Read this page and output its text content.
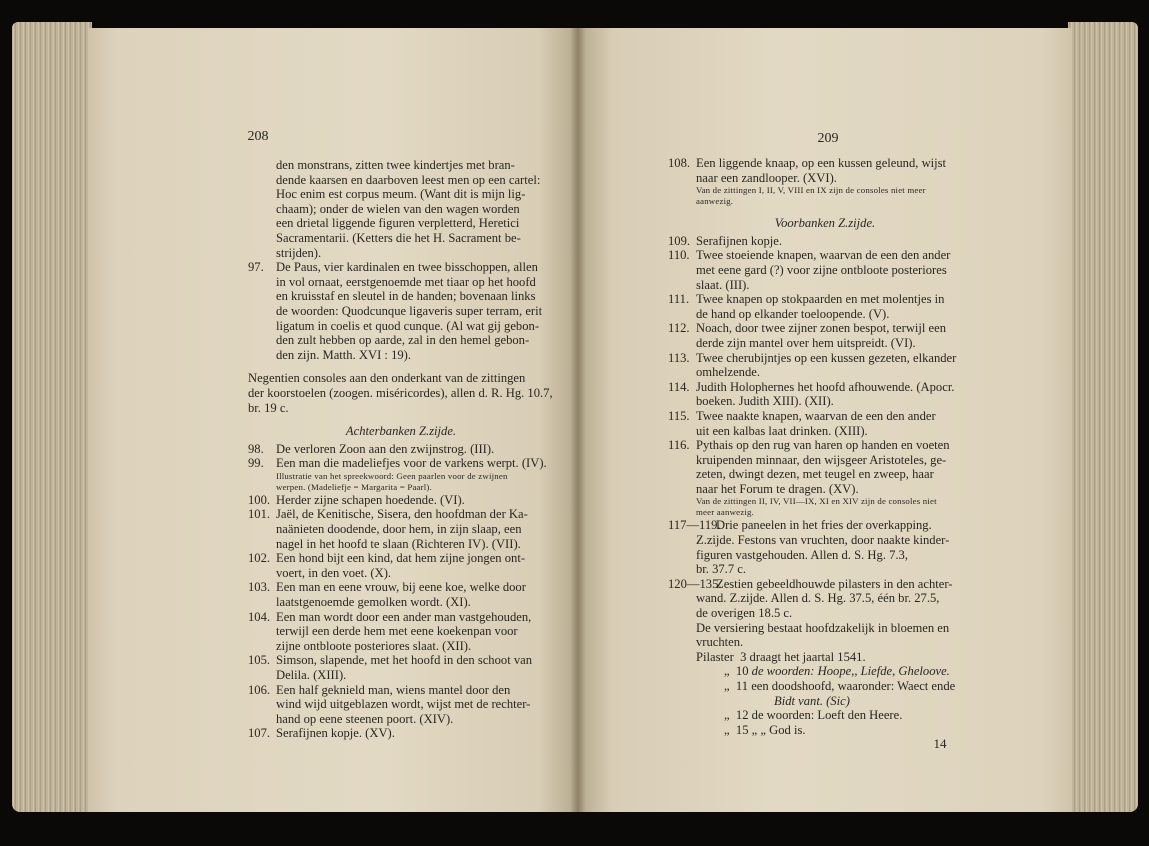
208
den monstrans, zitten twee kindertjes met bran-
dende kaarsen en daarboven leest men op een cartel:
Hoc enim est corpus meum. (Want dit is mijn lig-
chaam); onder de wielen van den wagen worden
een drietal liggende figuren verpletterd, Heretici
Sacramentarii. (Ketters die het H. Sacrament be-
strijden).
97. De Paus, vier kardinalen en twee bisschoppen, allen
in vol ornaat, eerstgenoemde met tiaar op het hoofd
en kruisstaf en sleutel in de handen; bovenaan links
de woorden: Quodcunque ligaveris super terram, erit
ligatum in coelis et quod cunque. (Al wat gij gebon-
den zult hebben op aarde, zal in den hemel gebon-
den zijn. Matth. XVI : 19).
Negentien consoles aan den onderkant van de zittingen
der koorstoelen (zoogen. miséricordes), allen d. R. Hg. 10.7,
br. 19 c.
Achterbanken Z.zijde.
98. De verloren Zoon aan den zwijnstrog. (III).
99. Een man die madeliefjes voor de varkens werpt. (IV).
Illustratie van het spreekwoord: Geen paarlen voor de zwijnen
werpen. (Madeliefje = Margarita = Paarl).
100. Herder zijne schapen hoedende. (VI).
101. Jaël, de Kenitische, Sisera, den hoofdman der Ka-
naänieten doodende, door hem, in zijn slaap, een
nagel in het hoofd te slaan (Richteren IV). (VII).
102. Een hond bijt een kind, dat hem zijne jongen ont-
voert, in den voet. (X).
103. Een man en eene vrouw, bij eene koe, welke door
laatstgenoemde gemolken wordt. (XI).
104. Een man wordt door een ander man vastgehouden,
terwijl een derde hem met eene koekenpan voor
zijne ontbloote posteriores slaat. (XII).
105. Simson, slapende, met het hoofd in den schoot van
Delila. (XIII).
106. Een half geknield man, wiens mantel door den
wind wijd uitgeblazen wordt, wijst met de rechter-
hand op eene steenen poort. (XIV).
107. Serafijnen kopje. (XV).
209
108. Een liggende knaap, op een kussen geleund, wijst
naar een zandlooper. (XVI).
Van de zittingen I, II, V, VIII en IX zijn de consoles niet meer
aanwezig.
Voorbanken Z.zijde.
109. Serafijnen kopje.
110. Twee stoeiende knapen, waarvan de een den ander
met eene gard (?) voor zijne ontbloote posteriores
slaat. (III).
111. Twee knapen op stokpaarden en met molentjes in
de hand op elkander toeloopende. (V).
112. Noach, door twee zijner zonen bespot, terwijl een
derde zijn mantel over hem uitspreidt. (VI).
113. Twee cherubijntjes op een kussen gezeten, elkander
omhelzende.
114. Judith Holophernes het hoofd afhouwende. (Apocr.
boeken. Judith XIII). (XII).
115. Twee naakte knapen, waarvan de een den ander
uit een kalbas laat drinken. (XIII).
116. Pythais op den rug van haren op handen en voeten
kruipenden minnaar, den wijsgeer Aristoteles, ge-
zeten, dwingt dezen, met teugel en zweep, haar
naar het Forum te dragen. (XV).
Van de zittingen II, IV, VII—IX, XI en XIV zijn de consoles niet
meer aanwezig.
117—119.
Drie paneelen in het fries der overkapping.
Z.zijde. Festons van vruchten, door naakte kinder-
figuren vastgehouden. Allen d. S. Hg. 7.3,
br. 37.7 c.
120—135.
Zestien gebeeldhouwde pilasters in den achter-
wand. Z.zijde. Allen d. S. Hg. 37.5, één br. 27.5,
de overigen 18.5 c.
De versiering bestaat hoofdzakelijk in bloemen en
vruchten.
Pilaster 3 draagt het jaartal 1541.
„ 10 de woorden: Hoope,, Liefde, Gheloove.
„ 11 een doodshoofd, waaronder: Waect ende
Bidt vant. (Sic)
„ 12 de woorden: Loeft den Heere.
„ 15 „ „ God is.
14
